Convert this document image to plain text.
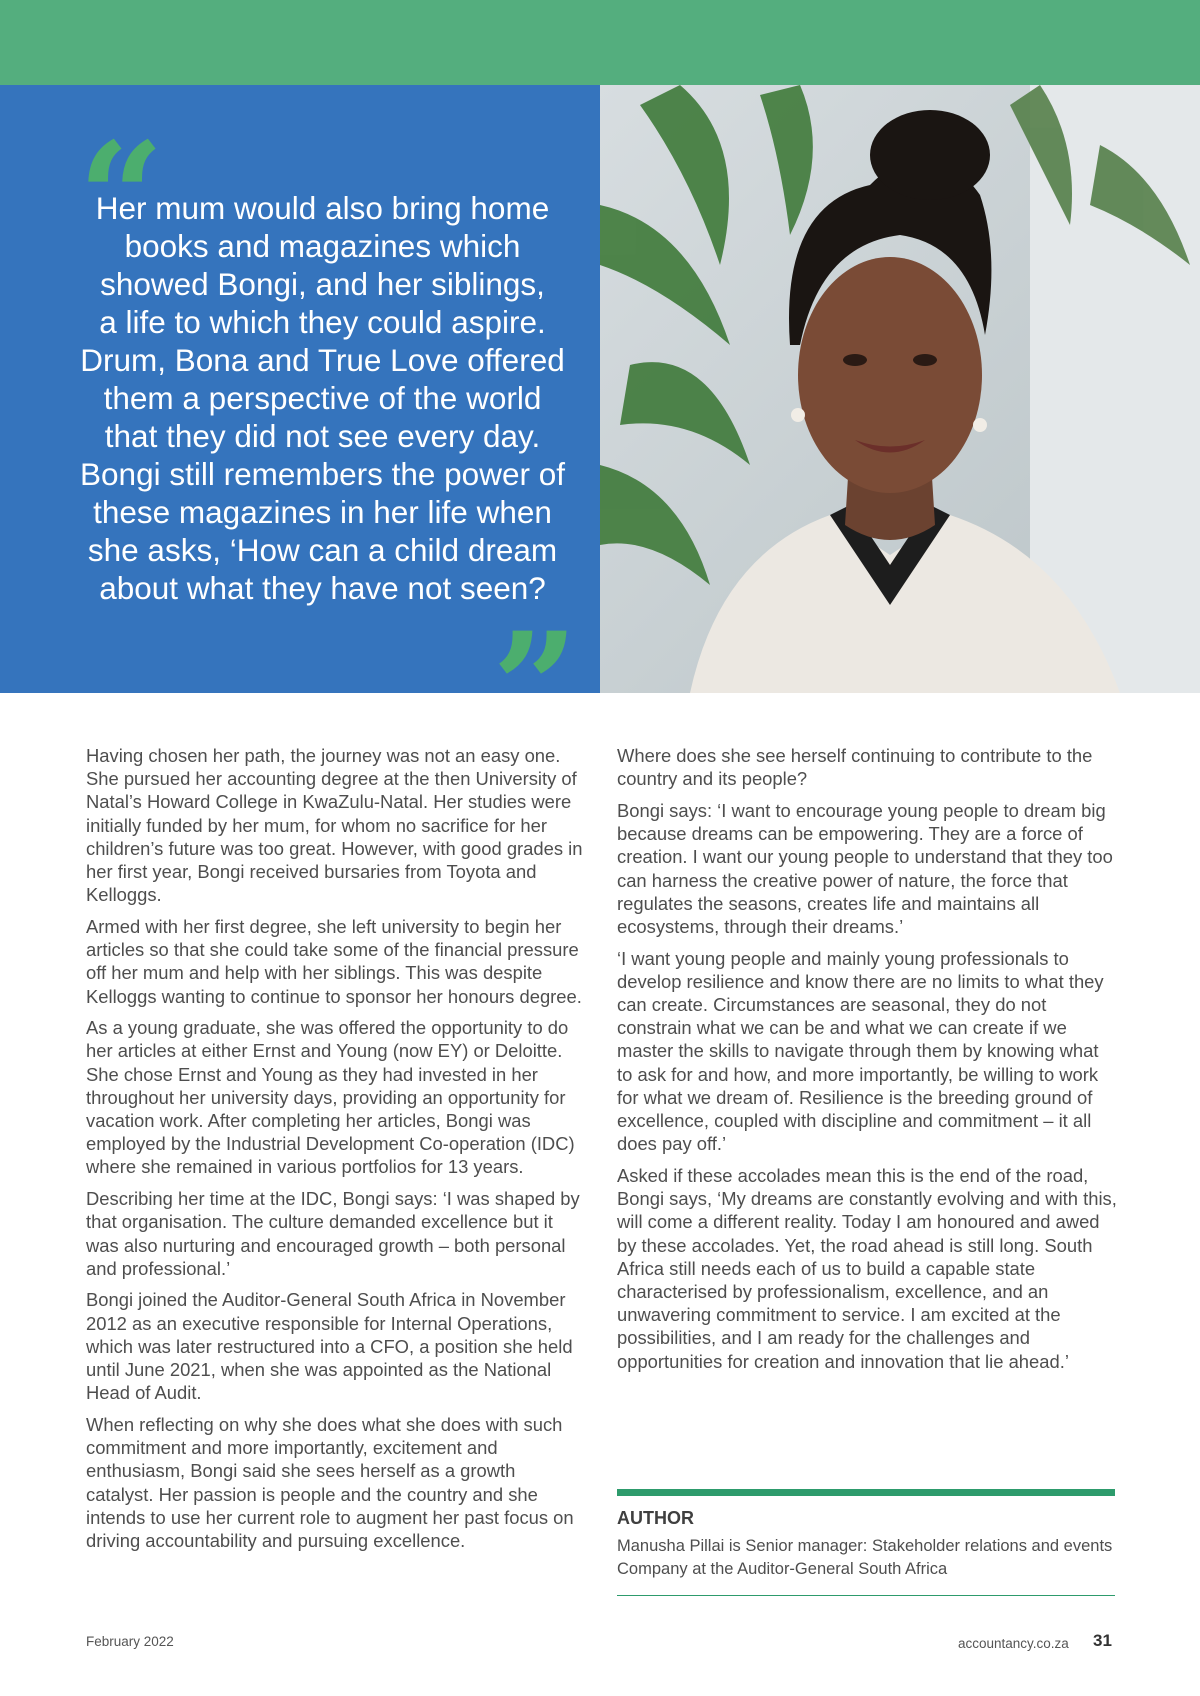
“
Her mum would also bring home
books and magazines which
showed Bongi, and her siblings,
a life to which they could aspire.
Drum, Bona and True Love offered
them a perspective of the world
that they did not see every day.
Bongi still remembers the power of
these magazines in her life when
she asks, ‘How can a child dream
about what they have not seen?
”

Having chosen her path, the journey was not an easy one. She pursued her accounting degree at the then University of Natal’s Howard College in KwaZulu-Natal. Her studies were initially funded by her mum, for whom no sacrifice for her children’s future was too great. However, with good grades in her first year, Bongi received bursaries from Toyota and Kelloggs.

Armed with her first degree, she left university to begin her articles so that she could take some of the financial pressure off her mum and help with her siblings. This was despite Kelloggs wanting to continue to sponsor her honours degree.

As a young graduate, she was offered the opportunity to do her articles at either Ernst and Young (now EY) or Deloitte. She chose Ernst and Young as they had invested in her throughout her university days, providing an opportunity for vacation work. After completing her articles, Bongi was employed by the Industrial Development Co-operation (IDC) where she remained in various portfolios for 13 years.

Describing her time at the IDC, Bongi says: ‘I was shaped by that organisation. The culture demanded excellence but it was also nurturing and encouraged growth – both personal and professional.’

Bongi joined the Auditor-General South Africa in November 2012 as an executive responsible for Internal Operations, which was later restructured into a CFO, a position she held until June 2021, when she was appointed as the National Head of Audit.

When reflecting on why she does what she does with such commitment and more importantly, excitement and enthusiasm, Bongi said she sees herself as a growth catalyst. Her passion is people and the country and she intends to use her current role to augment her past focus on driving accountability and pursuing excellence.

Where does she see herself continuing to contribute to the country and its people?

Bongi says: ‘I want to encourage young people to dream big because dreams can be empowering. They are a force of creation. I want our young people to understand that they too can harness the creative power of nature, the force that regulates the seasons, creates life and maintains all ecosystems, through their dreams.’

‘I want young people and mainly young professionals to develop resilience and know there are no limits to what they can create. Circumstances are seasonal, they do not constrain what we can be and what we can create if we master the skills to navigate through them by knowing what to ask for and how, and more importantly, be willing to work for what we dream of. Resilience is the breeding ground of excellence, coupled with discipline and commitment – it all does pay off.’

Asked if these accolades mean this is the end of the road, Bongi says, ‘My dreams are constantly evolving and with this, will come a different reality. Today I am honoured and awed by these accolades. Yet, the road ahead is still long. South Africa still needs each of us to build a capable state characterised by professionalism, excellence, and an unwavering commitment to service. I am excited at the possibilities, and I am ready for the challenges and opportunities for creation and innovation that lie ahead.’

AUTHOR
Manusha Pillai is Senior manager: Stakeholder relations and events Company at the Auditor-General South Africa
February 2022	accountancy.co.za 31
